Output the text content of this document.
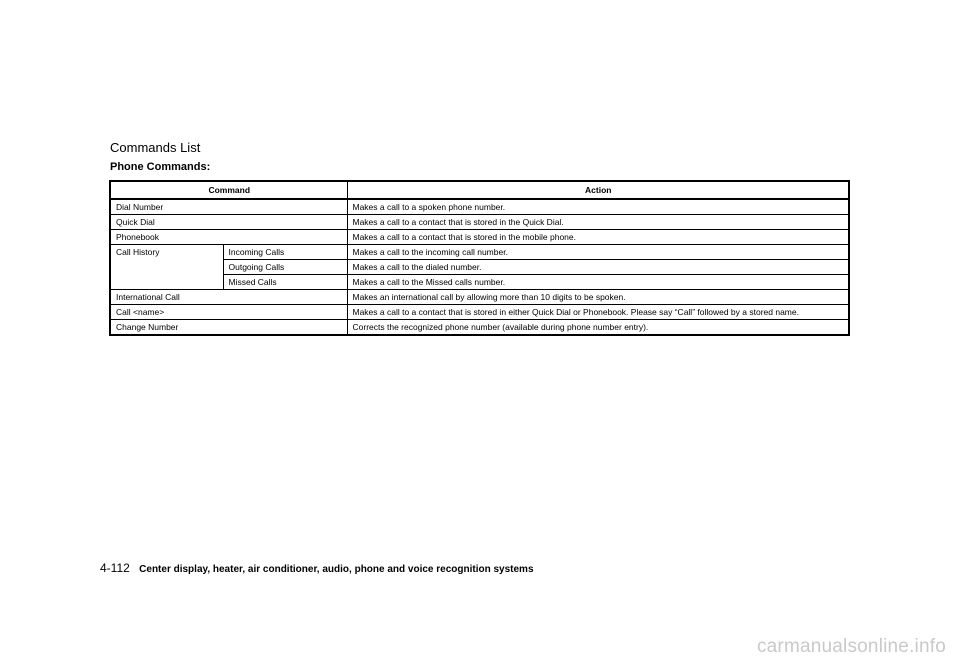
Commands List
Phone Commands:
Command		Action
Dial Number		Makes a call to a spoken phone number.
Quick Dial		Makes a call to a contact that is stored in the Quick Dial.
Phonebook		Makes a call to a contact that is stored in the mobile phone.
Call History	Incoming Calls	Makes a call to the incoming call number.
	Outgoing Calls	Makes a call to the dialed number.
	Missed Calls	Makes a call to the Missed calls number.
International Call		Makes an international call by allowing more than 10 digits to be spoken.
Call <name>		Makes a call to a contact that is stored in either Quick Dial or Phonebook. Please say “Call” followed by a stored name.
Change Number		Corrects the recognized phone number (available during phone number entry).
4-112 Center display, heater, air conditioner, audio, phone and voice recognition systems
carmanualsonline.info
